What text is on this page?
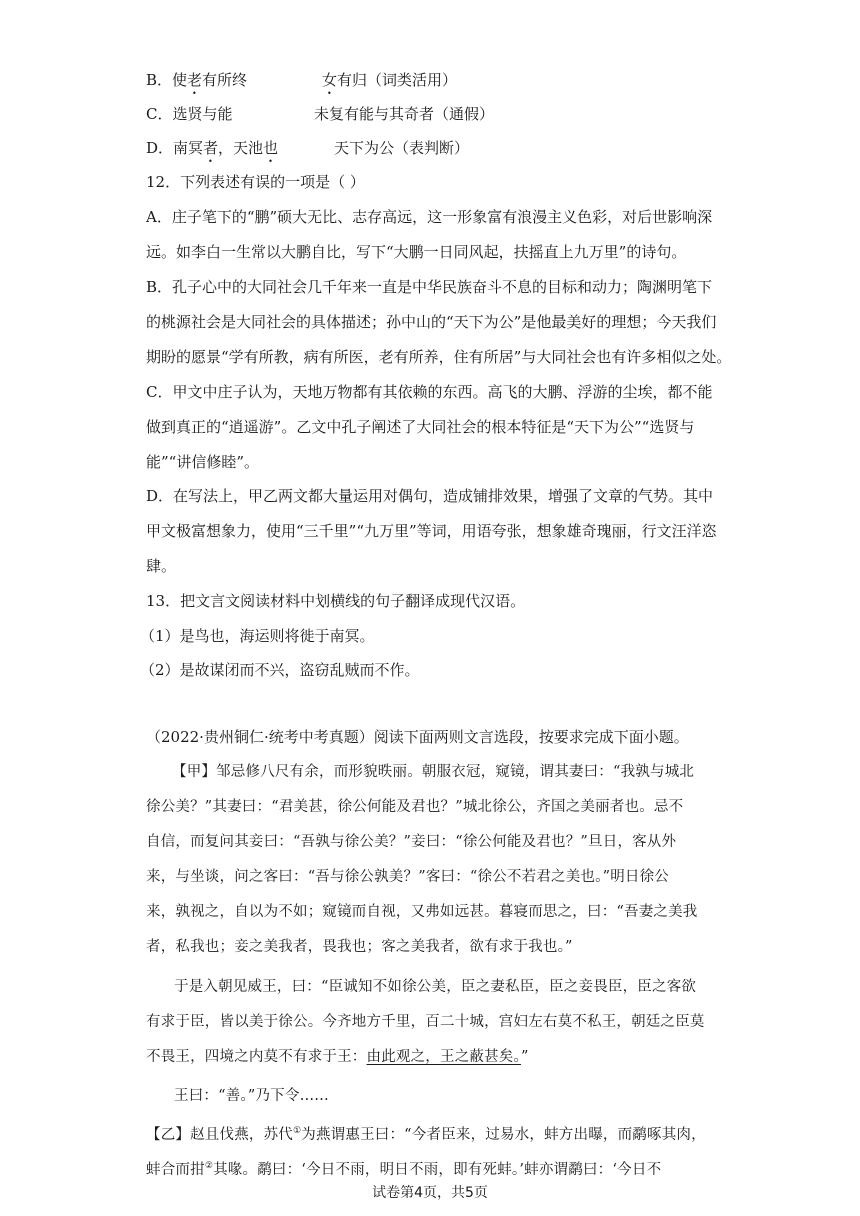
B．使老有所终	女有归（词类活用）
C．选贤与能	未复有能与其奇者（通假）
D．南冥者，天池也	天下为公（表判断）
12．下列表述有误的一项是（ ）
A．庄子笔下的“鹏”硕大无比、志存高远，这一形象富有浪漫主义色彩，对后世影响深
远。如李白一生常以大鹏自比，写下“大鹏一日同风起，扶摇直上九万里”的诗句。
B．孔子心中的大同社会几千年来一直是中华民族奋斗不息的目标和动力；陶渊明笔下
的桃源社会是大同社会的具体描述；孙中山的“天下为公”是他最美好的理想；今天我们
期盼的愿景“学有所教，病有所医，老有所养，住有所居”与大同社会也有许多相似之处。
C．甲文中庄子认为，天地万物都有其依赖的东西。高飞的大鹏、浮游的尘埃，都不能
做到真正的“逍遥游”。乙文中孔子阐述了大同社会的根本特征是“天下为公”“选贤与
能”“讲信修睦”。
D．在写法上，甲乙两文都大量运用对偶句，造成铺排效果，增强了文章的气势。其中
甲文极富想象力，使用“三千里”“九万里”等词，用语夸张，想象雄奇瑰丽，行文汪洋恣
肆。
13．把文言文阅读材料中划横线的句子翻译成现代汉语。
（1）是鸟也，海运则将徙于南冥。
（2）是故谋闭而不兴，盗窃乱贼而不作。
（2022·贵州铜仁·统考中考真题）阅读下面两则文言选段，按要求完成下面小题。
【甲】邹忌修八尺有余，而形貌昳丽。朝服衣冠，窥镜，谓其妻曰：“我孰与城北
徐公美？”其妻曰：“君美甚，徐公何能及君也？”城北徐公，齐国之美丽者也。忌不
自信，而复问其妾曰：“吾孰与徐公美？”妾曰：“徐公何能及君也？”旦日，客从外
来，与坐谈，问之客曰：“吾与徐公孰美？”客曰：“徐公不若君之美也。”明日徐公
来，孰视之，自以为不如；窥镜而自视，又弗如远甚。暮寝而思之，曰：“吾妻之美我
者，私我也；妾之美我者，畏我也；客之美我者，欲有求于我也。”
于是入朝见威王，曰：“臣诚知不如徐公美，臣之妻私臣，臣之妾畏臣，臣之客欲
有求于臣，皆以美于徐公。今齐地方千里，百二十城，宫妇左右莫不私王，朝廷之臣莫
不畏王，四境之内莫不有求于王：由此观之，王之蔽甚矣。”
王曰：“善。”乃下令……
【乙】赵且伐燕，苏代①为燕谓惠王曰：“今者臣来，过易水，蚌方出曝，而鹬啄其肉，
蚌合而拑②其喙。鹬曰：‘今日不雨，明日不雨，即有死蚌。’蚌亦谓鹬曰：‘今日不
试卷第4页，共5页
